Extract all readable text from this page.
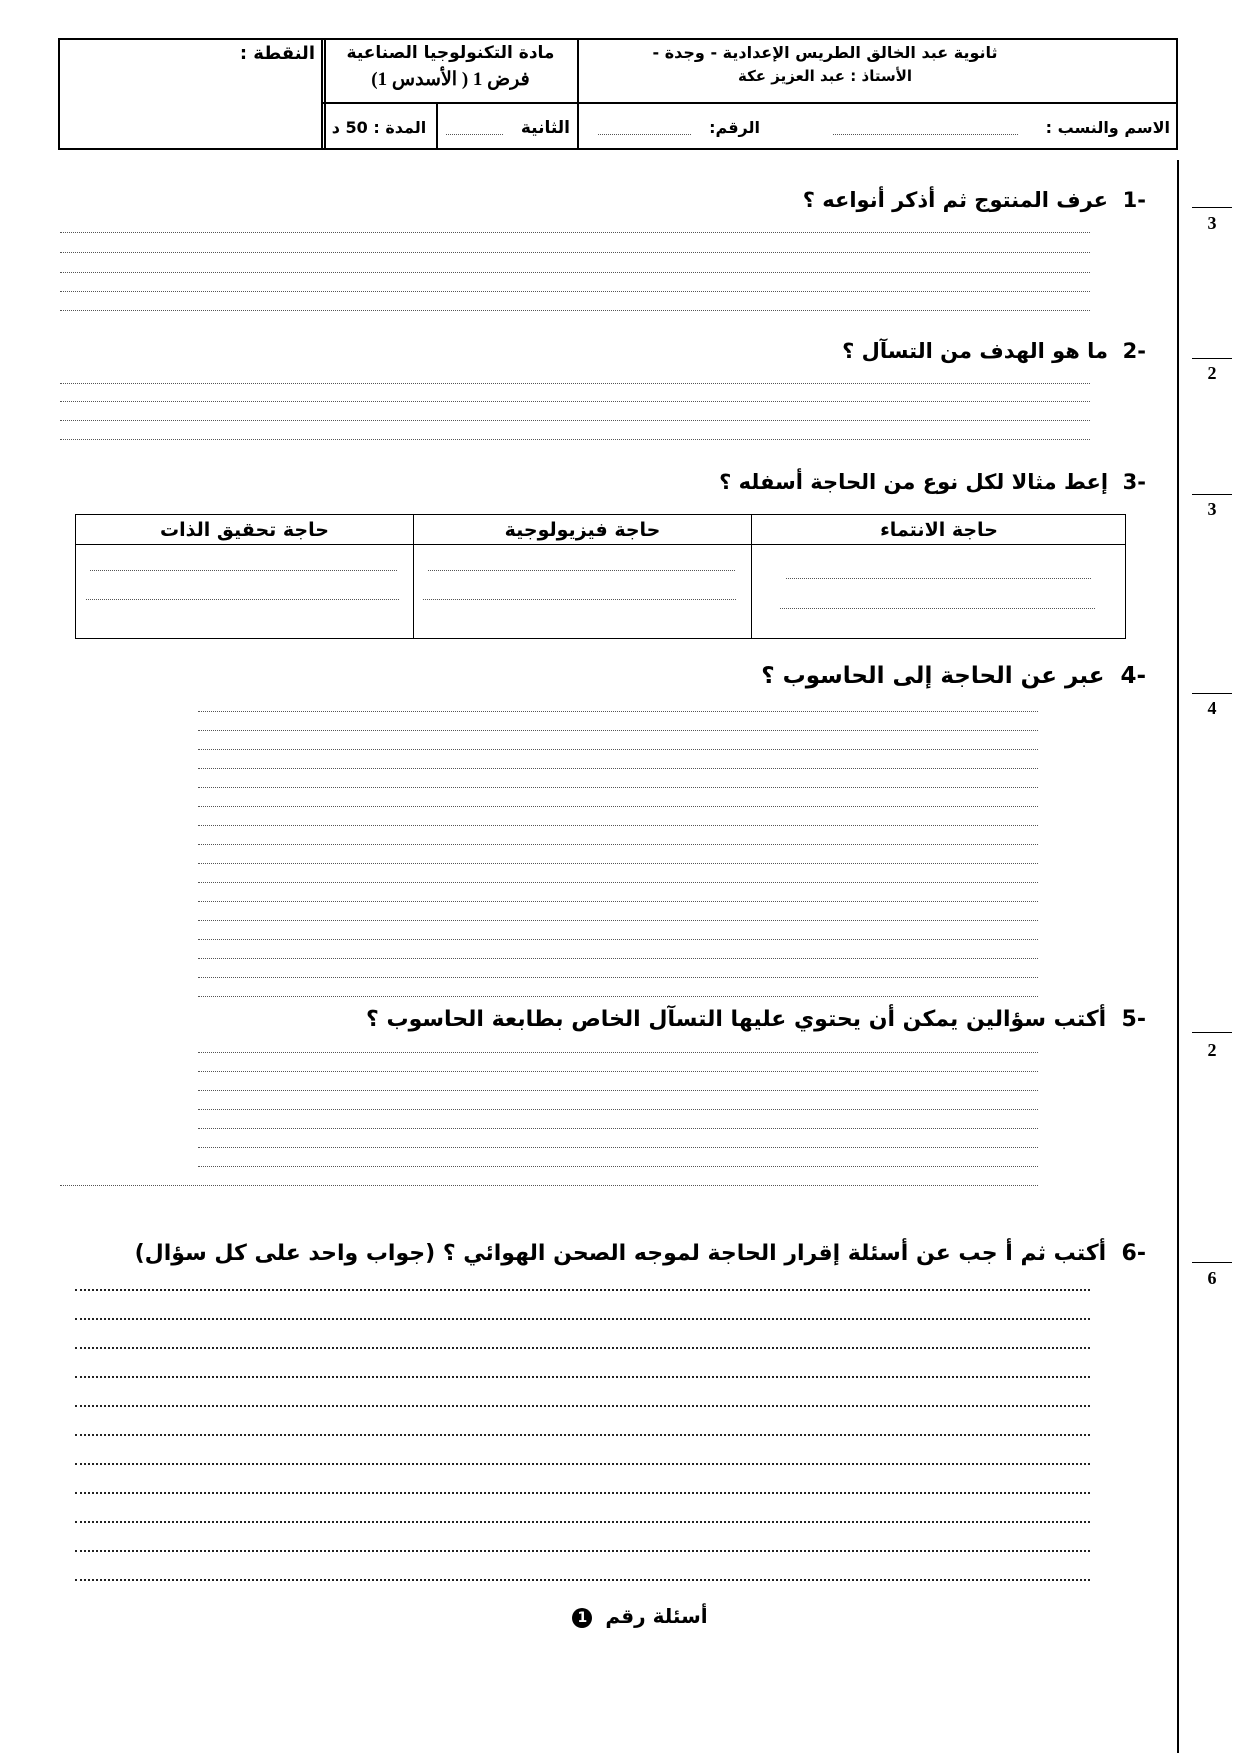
ثانوية عبد الخالق الطريس الإعدادية - وجدة -
الأستاذ : عبد العزيز عكة
مادة التكنولوجيا الصناعية
فرض 1 ( الأسدس 1)
النقطة :
الاسم والنسب :
الرقم:
الثانية
المدة : 50 د
3
2
3
4
2
6
-1  عرف المنتوج ثم أذكر أنواعه ؟
-2  ما هو الهدف من التسآل ؟
-3  إعط مثالا لكل نوع من الحاجة أسفله ؟
حاجة الانتماء
حاجة فيزيولوجية
حاجة تحقيق الذات
-4  عبر عن الحاجة إلى الحاسوب ؟
-5  أكتب سؤالين يمكن أن يحتوي عليها التسآل الخاص بطابعة الحاسوب ؟
-6  أكتب ثم أ جب عن أسئلة إقرار الحاجة لموجه الصحن الهوائي ؟ (جواب واحد على كل سؤال)
أسئلة رقم 1
